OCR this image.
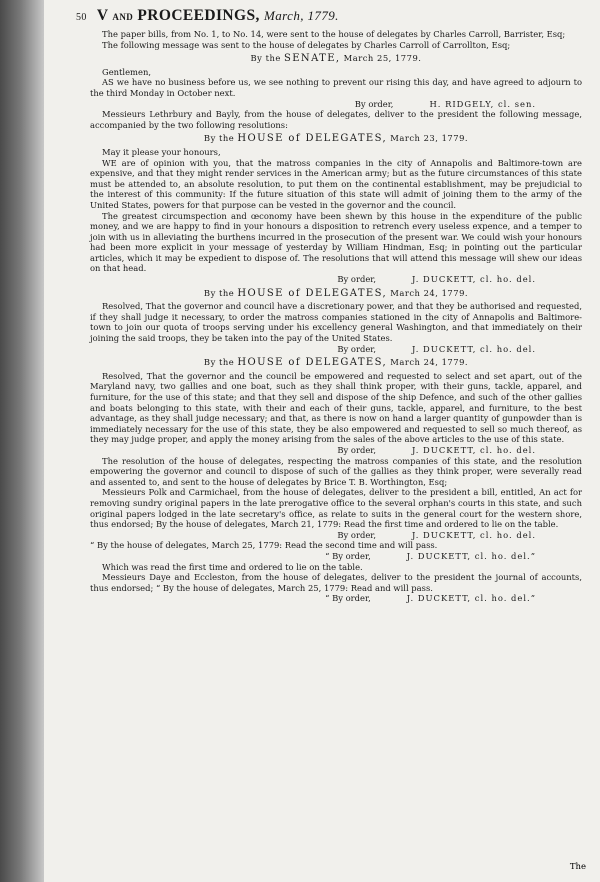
50 V AND PROCEEDINGS, March, 1779.

The paper bills, from No. 1, to No. 14, were sent to the house of delegates by Charles Carroll, Barrister, Esq;

The following message was sent to the house of delegates by Charles Carroll of Carrollton, Esq;

By the SENATE, March 25, 1779.

Gentlemen,

AS we have no business before us, we see nothing to prevent our rising this day, and have agreed to adjourn to the third Monday in October next.

By order,	H. RIDGELY, cl. sen.

Messieurs Lethrbury and Bayly, from the house of delegates, deliver to the president the following message, accompanied by the two following resolutions:

By the HOUSE of DELEGATES, March 23, 1779.

May it please your honours,

WE are of opinion with you, that the matross companies in the city of Annapolis and Baltimore-town are expensive, and that they might render services in the American army; but as the future circumstances of this state must be attended to, an absolute resolution, to put them on the continental establishment, may be prejudicial to the interest of this community: If the future situation of this state will admit of joining them to the army of the United States, powers for that purpose can be vested in the governor and the council.

The greatest circumspection and œconomy have been shewn by this house in the expenditure of the public money, and we are happy to find in your honours a disposition to retrench every useless expence, and a temper to join with us in alleviating the burthens incurred in the prosecution of the present war. We could wish your honours had been more explicit in your message of yesterday by William Hindman, Esq; in pointing out the particular articles, which it may be expedient to dispose of. The resolutions that will attend this message will shew our ideas on that head.

By order,	J. DUCKETT, cl. ho. del.
By the HOUSE of DELEGATES, March 24, 1779.

Resolved, That the governor and council have a discretionary power, and that they be authorised and requested, if they shall judge it necessary, to order the matross companies stationed in the city of Annapolis and Baltimore-town to join our quota of troops serving under his excellency general Washington, and that immediately on their joining the said troops, they be taken into the pay of the United States.

By order,	J. DUCKETT, cl. ho. del.
By the HOUSE of DELEGATES, March 24, 1779.

Resolved, That the governor and the council be empowered and requested to select and set apart, out of the Maryland navy, two gallies and one boat, such as they shall think proper, with their guns, tackle, apparel, and furniture, for the use of this state; and that they sell and dispose of the ship Defence, and such of the other gallies and boats belonging to this state, with their and each of their guns, tackle, apparel, and furniture, to the best advantage, as they shall judge necessary; and that, as there is now on hand a larger quantity of gunpowder than is immediately necessary for the use of this state, they be also empowered and requested to sell so much thereof, as they may judge proper, and apply the money arising from the sales of the above articles to the use of this state.

By order,	J. DUCKETT, cl. ho. del.

The resolution of the house of delegates, respecting the matross companies of this state, and the resolution empowering the governor and council to dispose of such of the gallies as they think proper, were severally read and assented to, and sent to the house of delegates by Brice T. B. Worthington, Esq;

Messieurs Polk and Carmichael, from the house of delegates, deliver to the president a bill, entitled, An act for removing sundry original papers in the late prerogative office to the several orphan's courts in this state, and such original papers lodged in the late secretary's office, as relate to suits in the general court for the western shore, thus endorsed; By the house of delegates, March 21, 1779: Read the first time and ordered to lie on the table.

By order,	J. DUCKETT, cl. ho. del.

“ By the house of delegates, March 25, 1779: Read the second time and will pass.

“ By order,	J. DUCKETT, cl. ho. del.”

Which was read the first time and ordered to lie on the table.

Messieurs Daye and Eccleston, from the house of delegates, deliver to the president the journal of accounts, thus endorsed; “ By the house of delegates, March 25, 1779: Read and will pass.

“ By order,	J. DUCKETT, cl. ho. del.”
The
